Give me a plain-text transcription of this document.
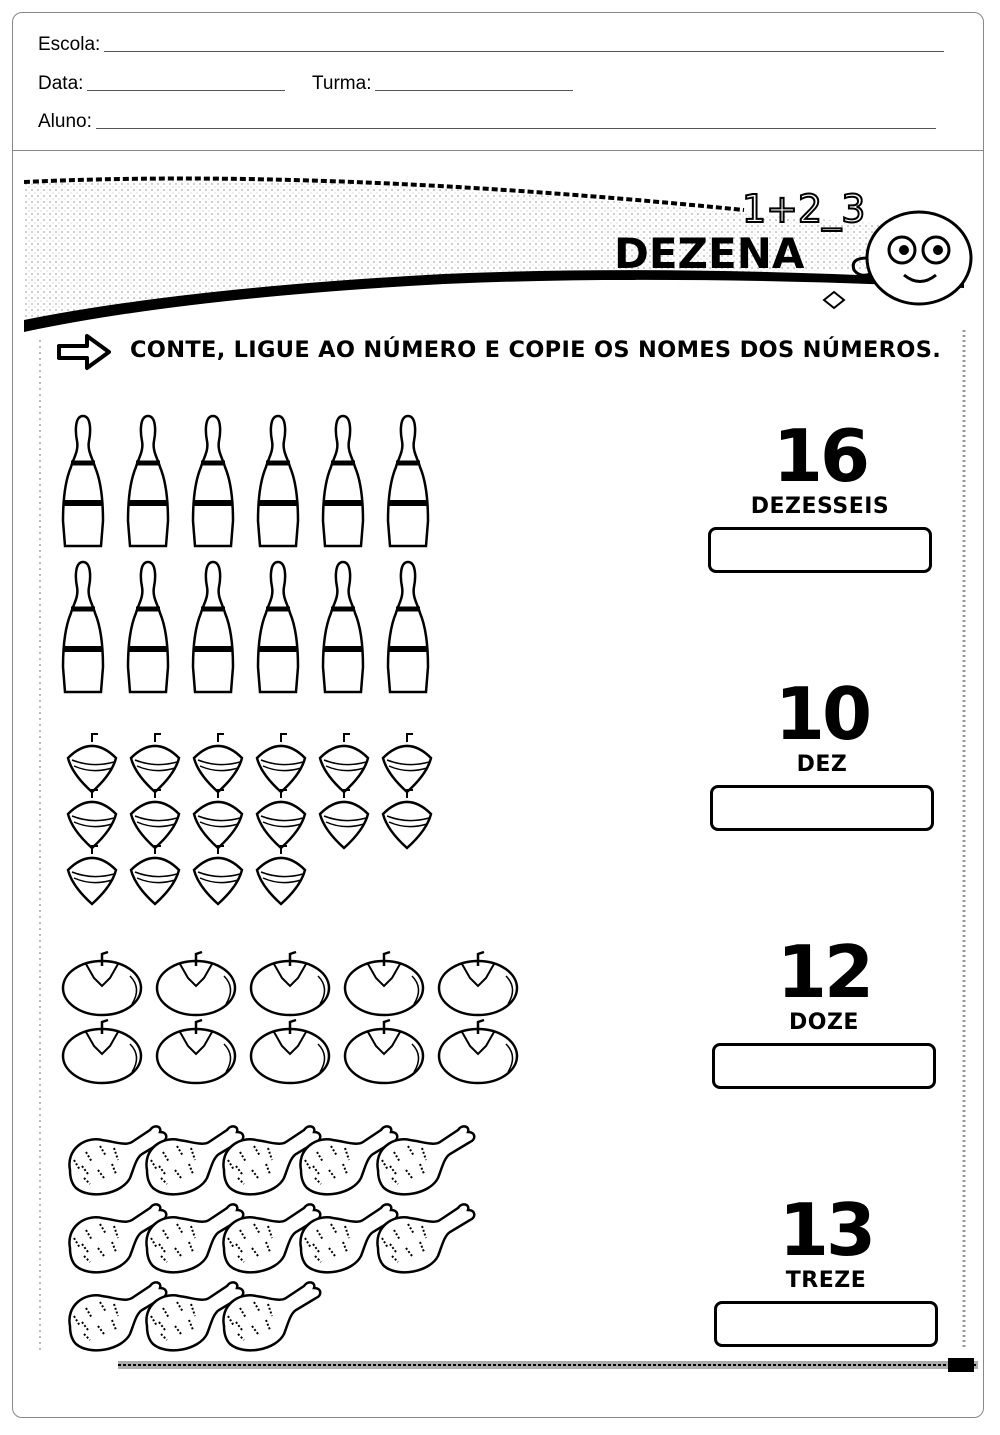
Escola:
Data:	Turma:
Aluno:
1+2_3
DEZENA
CONTE, LIGUE AO NÚMERO E COPIE OS NOMES DOS NÚMEROS.
16
DEZESSEIS
10
DEZ
12
DOZE
13
TREZE
